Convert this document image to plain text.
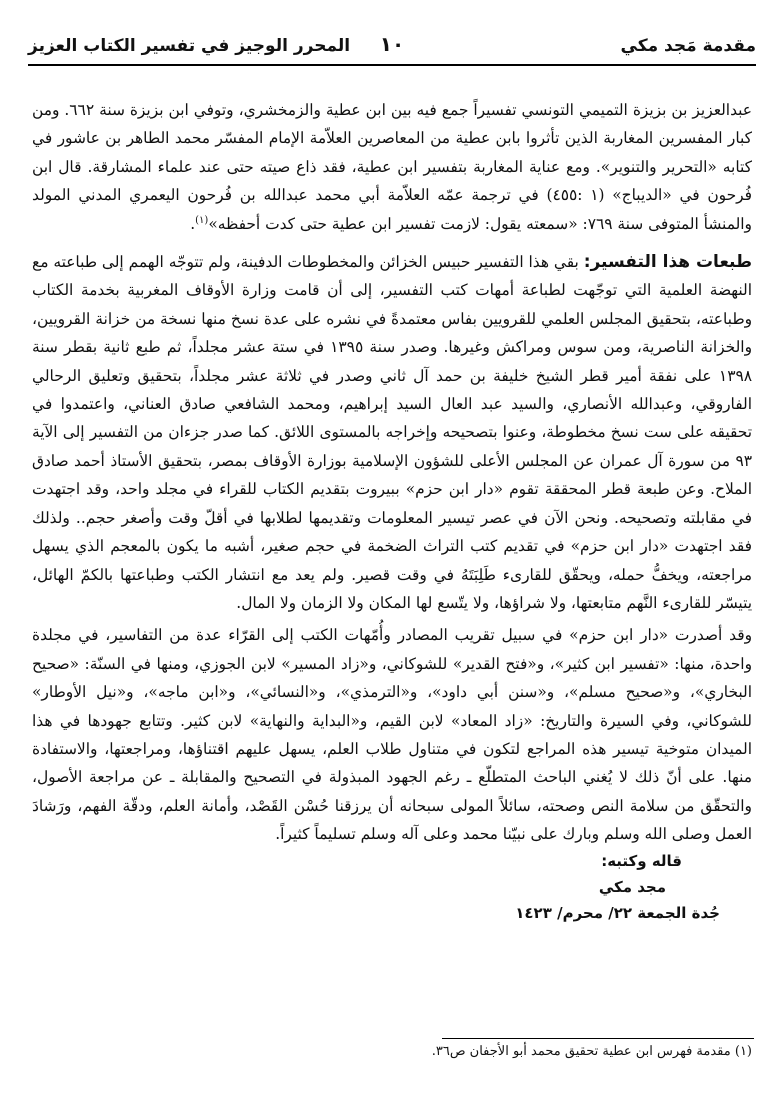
مقدمة مَجد مكي
١٠
المحرر الوجيز في تفسير الكتاب العزيز

عبدالعزيز بن بزيزة التميمي التونسي تفسيراً جمع فيه بين ابن عطية والزمخشري، وتوفي ابن بزيزة سنة ٦٦٢. ومن كبار المفسرين المغاربة الذين تأثروا بابن عطية من المعاصرين العلاّمة الإمام المفسّر محمد الطاهر بن عاشور في كتابه «التحرير والتنوير». ومع عناية المغاربة بتفسير ابن عطية، فقد ذاع صيته حتى عند علماء المشارقة. قال ابن فُرحون في «الديباج» (١ :٤٥٥) في ترجمة عمّه العلاّمة أبي محمد عبدالله بن فُرحون اليعمري المدني المولد والمنشأ المتوفى سنة ٧٦٩: «سمعته يقول: لازمت تفسير ابن عطية حتى كدت أحفظه»$^{(١)}$.

طبعات هذا التفسير: بقي هذا التفسير حبيس الخزائن والمخطوطات الدفينة، ولم تتوجّه الهمم إلى طباعته مع النهضة العلمية التي توجّهت لطباعة أمهات كتب التفسير، إلى أن قامت وزارة الأوقاف المغربية بخدمة الكتاب وطباعته، بتحقيق المجلس العلمي للقرويين بفاس معتمدةً في نشره على عدة نسخ منها نسخة من خزانة القرويين، والخزانة الناصرية، ومن سوس ومراكش وغيرها. وصدر سنة ١٣٩٥ في ستة عشر مجلداً، ثم طبع ثانية بقطر سنة ١٣٩٨ على نفقة أمير قطر الشيخ خليفة بن حمد آل ثاني وصدر في ثلاثة عشر مجلداً، بتحقيق وتعليق الرحالي الفاروقي، وعبدالله الأنصاري، والسيد عبد العال السيد إبراهيم، ومحمد الشافعي صادق العناني، واعتمدوا في تحقيقه على ست نسخ مخطوطة، وعنوا بتصحيحه وإخراجه بالمستوى اللائق. كما صدر جزءان من التفسير إلى الآية ٩٣ من سورة آل عمران عن المجلس الأعلى للشؤون الإسلامية بوزارة الأوقاف بمصر، بتحقيق الأستاذ أحمد صادق الملاح. وعن طبعة قطر المحققة تقوم «دار ابن حزم» ببيروت بتقديم الكتاب للقراء في مجلد واحد، وقد اجتهدت في مقابلته وتصحيحه. ونحن الآن في عصر تيسير المعلومات وتقديمها لطلابها في أقلّ وقت وأصغر حجم.. ولذلك فقد اجتهدت «دار ابن حزم» في تقديم كتب التراث الضخمة في حجم صغير، أشبه ما يكون بالمعجم الذي يسهل مراجعته، ويخفُّ حمله، ويحقّق للقارىء طَلِبَتَهُ في وقت قصير. ولم يعد مع انتشار الكتب وطباعتها بالكمّ الهائل، يتيسّر للقارىء النَّهم متابعتها، ولا شراؤها، ولا يتّسع لها المكان ولا الزمان ولا المال.

وقد أصدرت «دار ابن حزم» في سبيل تقريب المصادر وأُمّهات الكتب إلى القرّاء عدة من التفاسير، في مجلدة واحدة، منها: «تفسير ابن كثير»، و«فتح القدير» للشوكاني، و«زاد المسير» لابن الجوزي، ومنها في السنّة: «صحيح البخاري»، و«صحيح مسلم»، و«سنن أبي داود»، و«الترمذي»، و«النسائي»، و«ابن ماجه»، و«نيل الأوطار» للشوكاني، وفي السيرة والتاريخ: «زاد المعاد» لابن القيم، و«البداية والنهاية» لابن كثير. وتتابع جهودها في هذا الميدان متوخية تيسير هذه المراجع لتكون في متناول طلاب العلم، يسهل عليهم اقتناؤها، ومراجعتها، والاستفادة منها. على أنّ ذلك لا يُغني الباحث المتطلّع ـ رغم الجهود المبذولة في التصحيح والمقابلة ـ عن مراجعة الأصول، والتحقّق من سلامة النص وصحته، سائلاً المولى سبحانه أن يرزقنا حُسْن القَصْد، وأمانة العلم، ودقّة الفهم، ورَشادَ العمل وصلى الله وسلم وبارك على نبيّنا محمد وعلى آله وسلم تسليماً كثيراً.

قاله وكتبه:
مجد مكي
جُدة الجمعة ٢٢/ محرم/ ١٤٢٣
(١) مقدمة فهرس ابن عطية تحقيق محمد أبو الأجفان ص٣٦.
